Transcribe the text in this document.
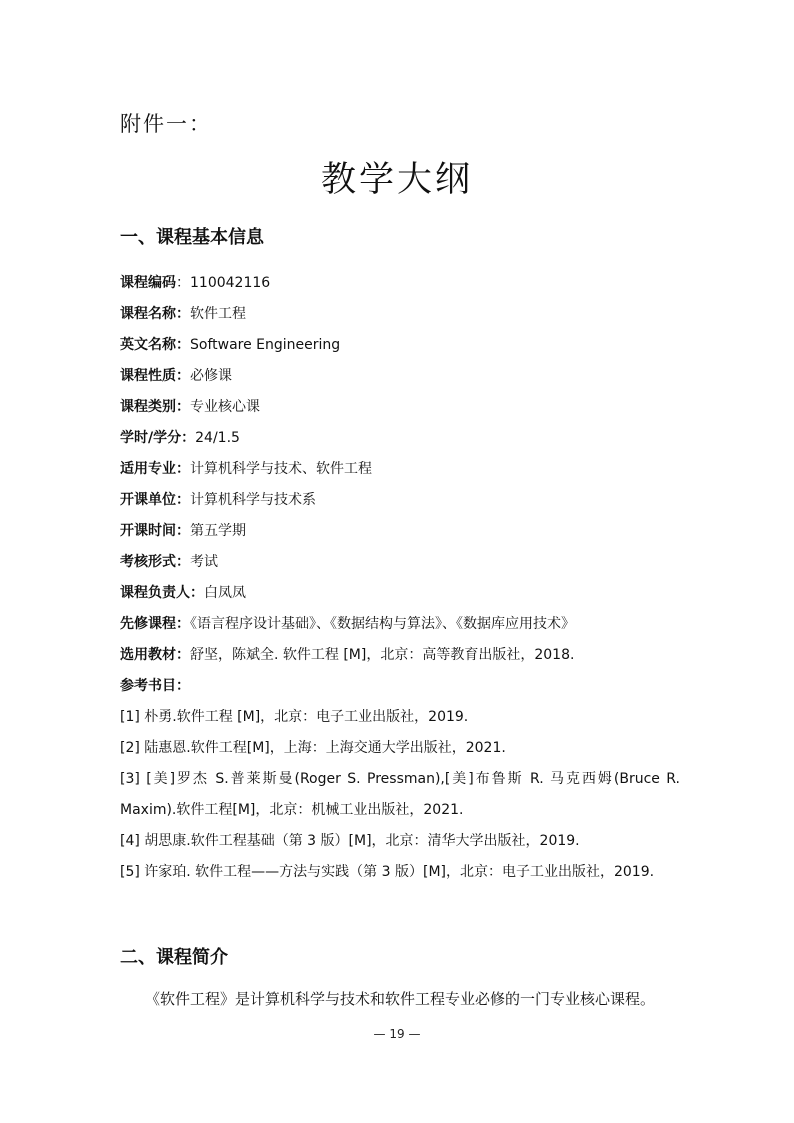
附件一：
教学大纲
一、课程基本信息
课程编码：110042116
课程名称：软件工程
英文名称：Software Engineering
课程性质：必修课
课程类别：专业核心课
学时/学分：24/1.5
适用专业：计算机科学与技术、软件工程
开课单位：计算机科学与技术系
开课时间：第五学期
考核形式：考试
课程负责人：白凤凤
先修课程：《语言程序设计基础》、《数据结构与算法》、《数据库应用技术》
选用教材：舒坚，陈斌全. 软件工程 [M]，北京：高等教育出版社，2018.
参考书目：
[1] 朴勇.软件工程 [M]，北京：电子工业出版社，2019.
[2] 陆惠恩.软件工程[M]，上海：上海交通大学出版社，2021.
[3] [美]罗杰 S.普莱斯曼(Roger S. Pressman),[美]布鲁斯 R. 马克西姆(Bruce R. Maxim).软件工程[M]，北京：机械工业出版社，2021.
[4] 胡思康.软件工程基础（第 3 版）[M]，北京：清华大学出版社，2019.
[5] 许家珀. 软件工程——方法与实践（第 3 版）[M]，北京：电子工业出版社，2019.
二、课程简介
《软件工程》是计算机科学与技术和软件工程专业必修的一门专业核心课程。
— 19 —
